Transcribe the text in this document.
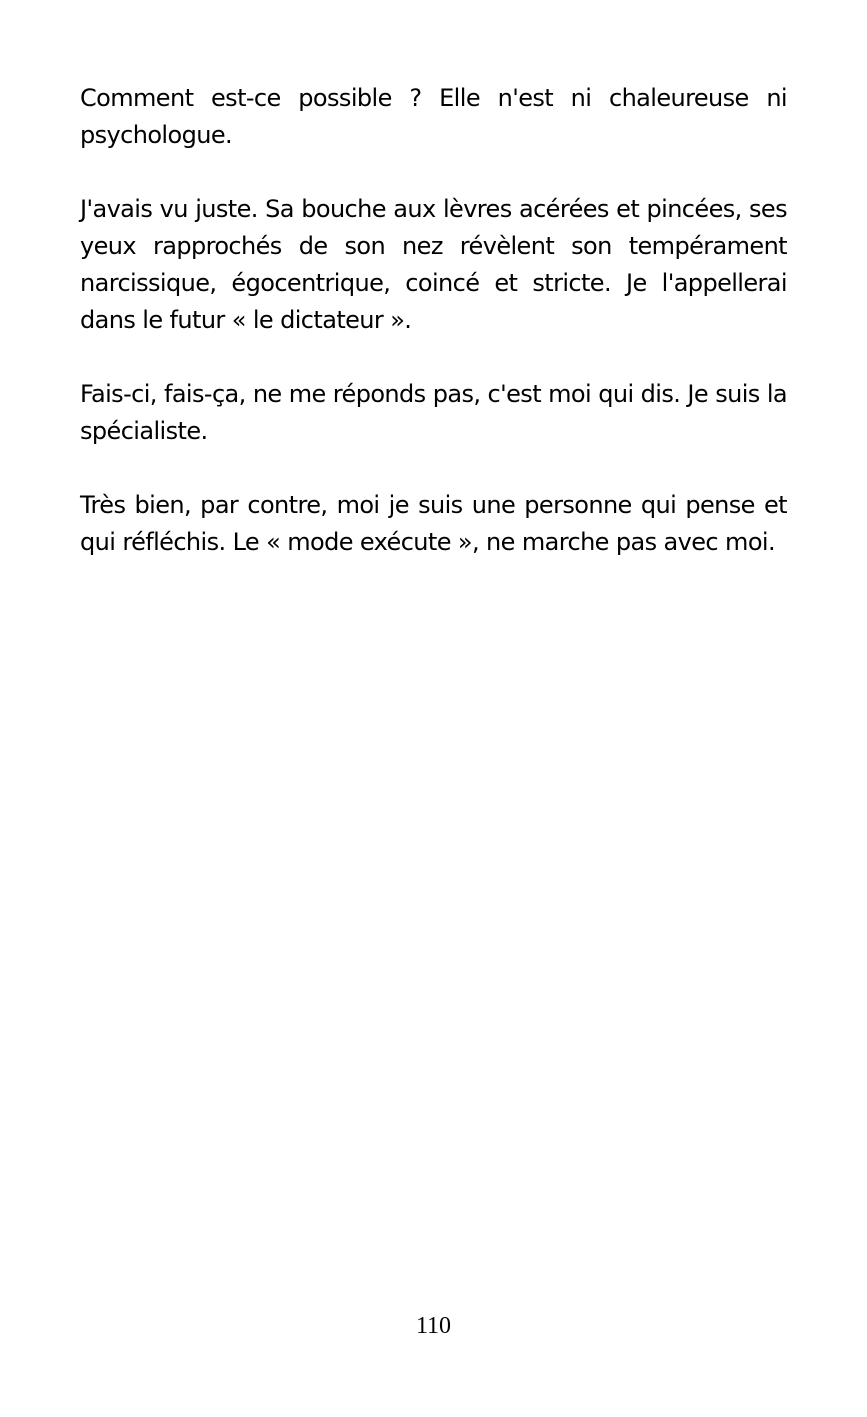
Comment est-ce possible ? Elle n'est ni chaleureuse ni psychologue.

J'avais vu juste. Sa bouche aux lèvres acérées et pincées, ses yeux rapprochés de son nez révèlent son tempérament narcissique, égocentrique, coincé et stricte. Je l'appellerai dans le futur « le dictateur ».

Fais-ci, fais-ça, ne me réponds pas, c'est moi qui dis. Je suis la spécialiste.

Très bien, par contre, moi je suis une personne qui pense et qui réfléchis. Le « mode exécute », ne marche pas avec moi.

110
